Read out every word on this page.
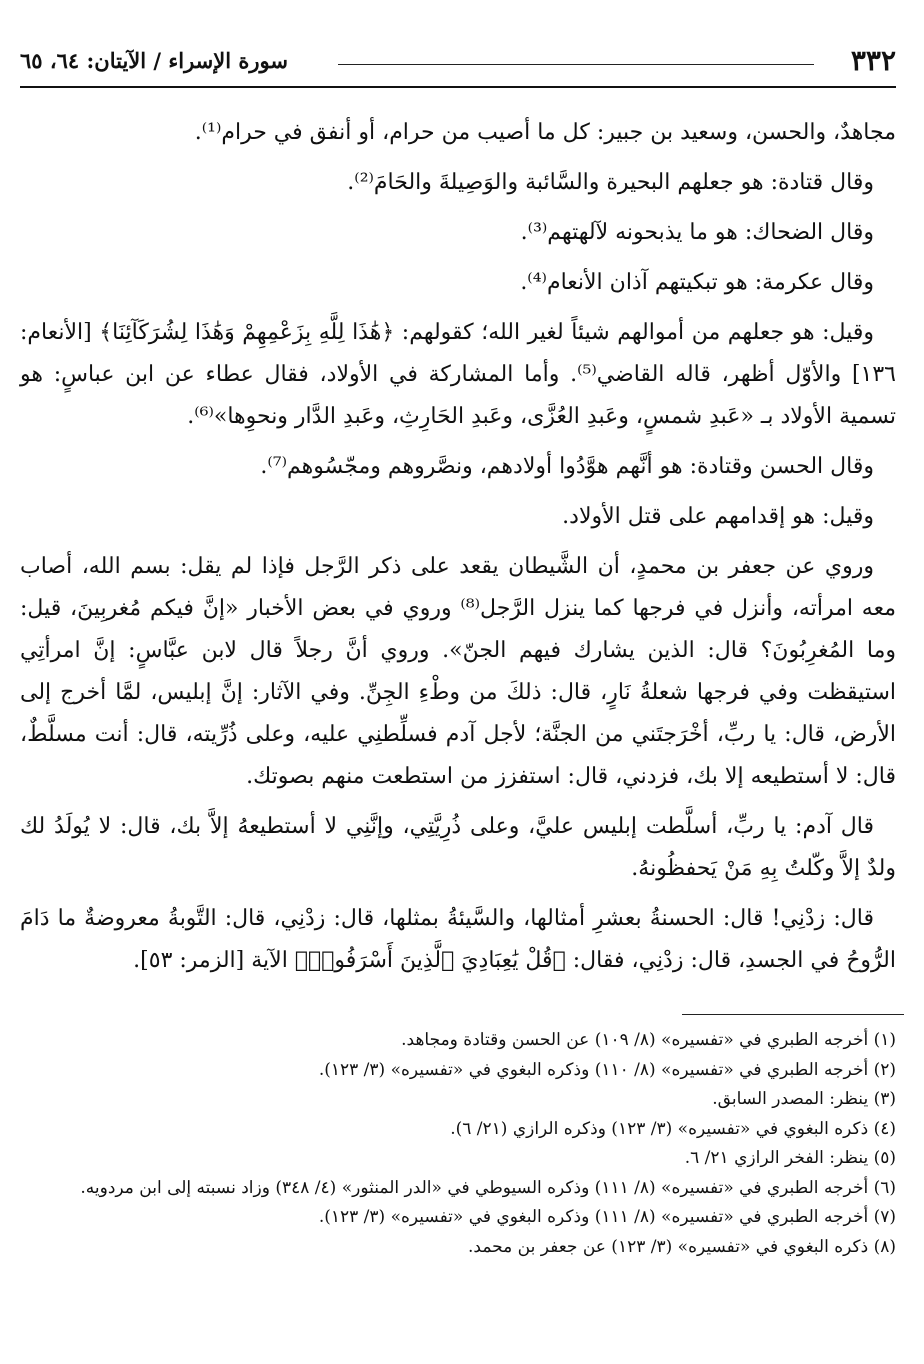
٣٣٢
سورة الإسراء / الآيتان: ٦٤، ٦٥

مجاهدٌ، والحسن، وسعيد بن جبير: كل ما أصيب من حرام، أو أنفق في حرام⁽¹⁾.

وقال قتادة: هو جعلهم البحيرة والسَّائبة والوَصِيلةَ والحَامَ⁽²⁾.

وقال الضحاك: هو ما يذبحونه لآلهتهم⁽³⁾.

وقال عكرمة: هو تبكيتهم آذان الأنعام⁽⁴⁾.

وقيل: هو جعلهم من أموالهم شيئاً لغير الله؛ كقولهم: ﴿هَٰذَا لِلَّهِ بِزَعْمِهِمْ وَهَٰذَا لِشُرَكَآئِنَا﴾ [الأنعام: ١٣٦] والأوّل أظهر، قاله القاضي⁽⁵⁾. وأما المشاركة في الأولاد، فقال عطاء عن ابن عباسٍ: هو تسمية الأولاد بـ «عَبدِ شمسٍ، وعَبدِ العُزَّى، وعَبدِ الحَارِثِ، وعَبدِ الدَّار ونحوِها»⁽⁶⁾.

وقال الحسن وقتادة: هو أنَّهم هوَّدُوا أولادهم، ونصَّروهم ومجّسُوهم⁽⁷⁾.

وقيل: هو إقدامهم على قتل الأولاد.

وروي عن جعفر بن محمدٍ، أن الشَّيطان يقعد على ذكر الرَّجل فإذا لم يقل: بسم الله، أصاب معه امرأته، وأنزل في فرجها كما ينزل الرَّجل⁽⁸⁾ وروي في بعض الأخبار «إنَّ فيكم مُغربِينَ، قيل: وما المُغرِبُونَ؟ قال: الذين يشارك فيهم الجنّ». وروي أنَّ رجلاً قال لابن عبَّاسٍ: إنَّ امرأتِي استيقظت وفي فرجها شعلةُ نَارٍ، قال: ذلكَ من وطْءِ الجِنِّ. وفي الآثار: إنَّ إبليس، لمَّا أخرج إلى الأرض، قال: يا ربِّ، أخْرَجتَني من الجنَّة؛ لأجل آدم فسلِّطنِي عليه، وعلى ذُرِّيته، قال: أنت مسلَّطٌ، قال: لا أستطيعه إلا بك، فزدني، قال: استفزز من استطعت منهم بصوتك.

قال آدم: يا ربِّ، أسلَّطت إبليس عليَّ، وعلى ذُرِيَّتِي، وإنَّنِي لا أستطيعهُ إلاَّ بك، قال: لا يُولَدُ لك ولدٌ إلاَّ وكّلتُ بِهِ مَنْ يَحفظُونهُ.

قال: زدْنِي! قال: الحسنةُ بعشرِ أمثالها، والسَّيئةُ بمثلها، قال: زدْنِي، قال: التَّوبةُ معروضةٌ ما دَامَ الرُّوحُ في الجسدِ، قال: زدْنِي، فقال: ﴿قُلْ يَٰعِبَادِيَ ٱلَّذِينَ أَسْرَفُوا۟﴾ الآية [الزمر: ٥٣].

(١) أخرجه الطبري في «تفسيره» (٨/ ١٠٩) عن الحسن وقتادة ومجاهد.

(٢) أخرجه الطبري في «تفسيره» (٨/ ١١٠) وذكره البغوي في «تفسيره» (٣/ ١٢٣).

(٣) ينظر: المصدر السابق.

(٤) ذكره البغوي في «تفسيره» (٣/ ١٢٣) وذكره الرازي (٢١/ ٦).

(٥) ينظر: الفخر الرازي ٢١/ ٦.

(٦) أخرجه الطبري في «تفسيره» (٨/ ١١١) وذكره السيوطي في «الدر المنثور» (٤/ ٣٤٨) وزاد نسبته إلى ابن مردويه.

(٧) أخرجه الطبري في «تفسيره» (٨/ ١١١) وذكره البغوي في «تفسيره» (٣/ ١٢٣).

(٨) ذكره البغوي في «تفسيره» (٣/ ١٢٣) عن جعفر بن محمد.
